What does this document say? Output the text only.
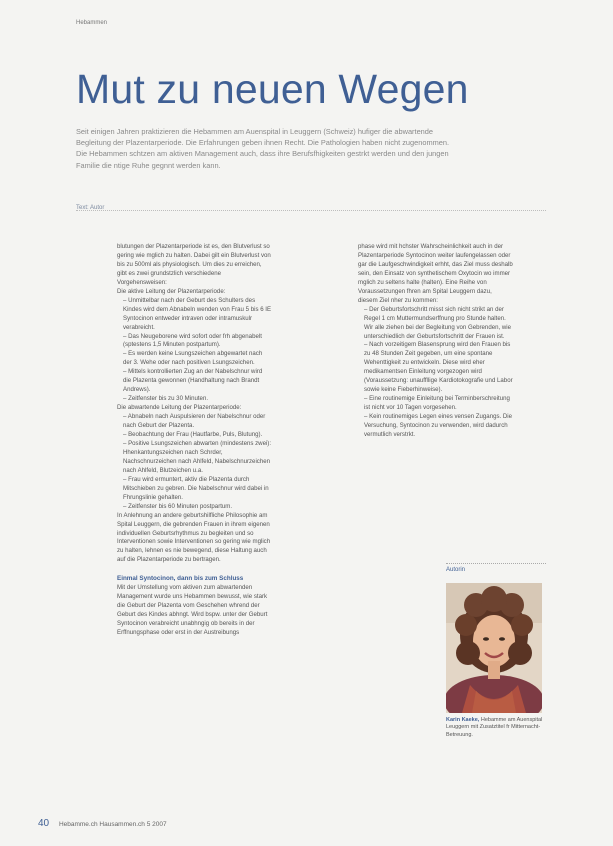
Hebammen
Mut zu neuen Wegen
Seit einigen Jahren praktizieren die Hebammen am Auenspital in Leuggern (Schweiz) hufiger die abwartende Begleitung der Plazentarperiode. Die Erfahrungen geben ihnen Recht. Die Pathologien haben nicht zugenommen. Die Hebammen schtzen am aktiven Management auch, dass ihre Berufsfhigkeiten gestrkt werden und den jungen Familie die ntige Ruhe gegnnt werden kann.
Text: Autor

blutungen der Plazentarperiode ist es, den Blutverlust so gering wie mglich zu halten. Dabei gilt ein Blutverlust von bis zu 500ml als physiologisch. Um dies zu erreichen, gibt es zwei grundstzlich verschiedene Vorgehensweisen:

Die aktive Leitung der Plazentarperiode:

– Unmittelbar nach der Geburt des Schulters des Kindes wird dem Abnabeln wenden von Frau 5 bis 6 IE Syntocinon entweder intraven oder intramuskulr verabreicht.

– Das Neugeborene wird sofort oder frh abgenabelt (sptestens 1,5 Minuten postpartum).

– Es werden keine Lsungszeichen abgewartet nach der 3. Wehe oder nach positiven Lsungszeichen.

– Mittels kontrollierten Zug an der Nabelschnur wird die Plazenta gewonnen (Handhaltung nach Brandt Andrews).

– Zeitfenster bis zu 30 Minuten.

Die abwartende Leitung der Plazentarperiode:

– Abnabeln nach Auspulsieren der Nabelschnur oder nach Geburt der Plazenta.

– Beobachtung der Frau (Hautfarbe, Puls, Blutung).

– Positive Lsungszeichen abwarten (mindestens zwei): Hhenkantungszeichen nach Schrder, Nachschnurzeichen nach Ahlfeld, Nabelschnurzeichen nach Ahlfeld, Blutzeichen u.a.

– Frau wird ermuntert, aktiv die Plazenta durch Mitschieben zu gebren. Die Nabelschnur wird dabei in Fhrungslinie gehalten.

– Zeitfenster bis 60 Minuten postpartum.

In Anlehnung an andere geburtshilfliche Philosophie am Spital Leuggern, die gebrenden Frauen in ihrem eigenen individuellen Geburtsrhythmus zu begleiten und so Interventionen sowie Interventionen so gering wie mglich zu halten, lehnen es nie bewegend, diese Haltung auch auf die Plazentarperiode zu bertragen.

Einmal Syntocinon, dann bis zum Schluss

Mit der Umstellung vom aktiven zum abwartenden Management wurde uns Hebammen bewusst, wie stark die Geburt der Plazenta vom Geschehen whrend der Geburt des Kindes abhngt. Wird bspw. unter der Geburt Syntocinon verabreicht unabhngig ob bereits in der Erffnungsphase oder erst in der Austreibungs

phase wird mit hchster Wahrscheinlichkeit auch in der Plazentarperiode Syntocinon weiter laufengelassen oder gar die Laufgeschwindigkeit erhht, das Ziel muss deshalb sein, den Einsatz von synthetischem Oxytocin wo immer mglich zu seltens halte (halten). Eine Reihe von Voraussetzungen fhren am Spital Leuggern dazu, diesem Ziel nher zu kommen:

– Der Geburtsfortschritt misst sich nicht strikt an der Regel 1 cm Muttermundserffnung pro Stunde halten. Wir alle ziehen bei der Begleitung von Gebrenden, wie unterschiedlich der Geburtsfortschritt der Frauen ist.

– Nach vorzeitigem Blasensprung wird den Frauen bis zu 48 Stunden Zeit gegeben, um eine spontane Wehenttigkeit zu entwickeln. Diese wird eher medikamentsen Einleitung vorgezogen wird (Voraussetzung: unauffllige Kardiotokografie und Labor sowie keine Fieberhinweise).

– Eine routinemige Einleitung bei Terminberschreitung ist nicht vor 10 Tagen vorgesehen.

– Kein routinemiges Legen eines vensen Zugangs. Die Versuchung, Syntocinon zu verwenden, wird dadurch vermutlich verstrkt.

Autorin
Karin Kaeke, Hebamme am Auenspital Leuggern mit Zusatztitel fr Mitternacht-Betreuung.
40 Hebamme.ch Hausammen.ch 5 2007
